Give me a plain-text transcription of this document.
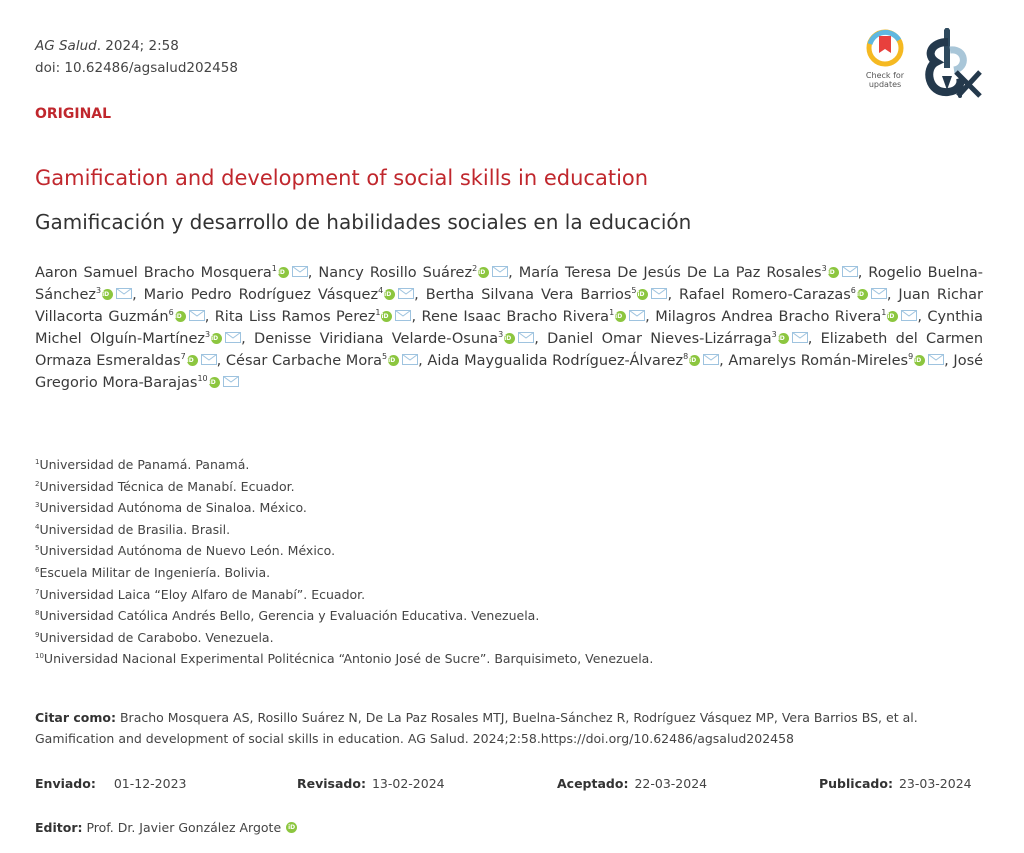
AG Salud. 2024; 2:58
doi: 10.62486/agsalud202458
ORIGINAL
Check for
updates
Gamification and development of social skills in education
Gamificación y desarrollo de habilidades sociales en la educación
Aaron Samuel Bracho Mosquera$^1$iD , Nancy Rosillo Suárez$^2$iD , María Teresa De Jesús De La Paz Rosales$^3$iD , Rogelio Buelna-Sánchez$^3$iD , Mario Pedro Rodríguez Vásquez$^4$iD , Bertha Silvana Vera Barrios$^5$iD , Rafael Romero-Carazas$^6$iD , Juan Richar Villacorta Guzmán$^6$iD , Rita Liss Ramos Perez$^1$iD , Rene Isaac Bracho Rivera$^1$iD , Milagros Andrea Bracho Rivera$^1$iD , Cynthia Michel Olguín-Martínez$^3$iD , Denisse Viridiana Velarde-Osuna$^3$iD , Daniel Omar Nieves-Lizárraga$^3$iD , Elizabeth del Carmen Ormaza Esmeraldas$^7$iD , César Carbache Mora$^5$iD , Aida Maygualida Rodríguez-Álvarez$^8$iD , Amarelys Román-Mireles$^9$iD , José Gregorio Mora-Barajas$^{10}$iD
$^1$Universidad de Panamá. Panamá.
$^2$Universidad Técnica de Manabí. Ecuador.
$^3$Universidad Autónoma de Sinaloa. México.
$^4$Universidad de Brasilia. Brasil.
$^5$Universidad Autónoma de Nuevo León. México.
$^6$Escuela Militar de Ingeniería. Bolivia.
$^7$Universidad Laica “Eloy Alfaro de Manabí”. Ecuador.
$^8$Universidad Católica Andrés Bello, Gerencia y Evaluación Educativa. Venezuela.
$^9$Universidad de Carabobo. Venezuela.
$^{10}$Universidad Nacional Experimental Politécnica “Antonio José de Sucre”. Barquisimeto, Venezuela.
Citar como: Bracho Mosquera AS, Rosillo Suárez N, De La Paz Rosales MTJ, Buelna-Sánchez R, Rodríguez Vásquez MP, Vera Barrios BS, et al. Gamification and development of social skills in education. AG Salud. 2024;2:58.https://doi.org/10.62486/agsalud202458
Enviado: 01-12-2023	Revisado: 13-02-2024	Aceptado: 22-03-2024	Publicado: 23-03-2024
Editor: Prof. Dr. Javier González Argote iD
